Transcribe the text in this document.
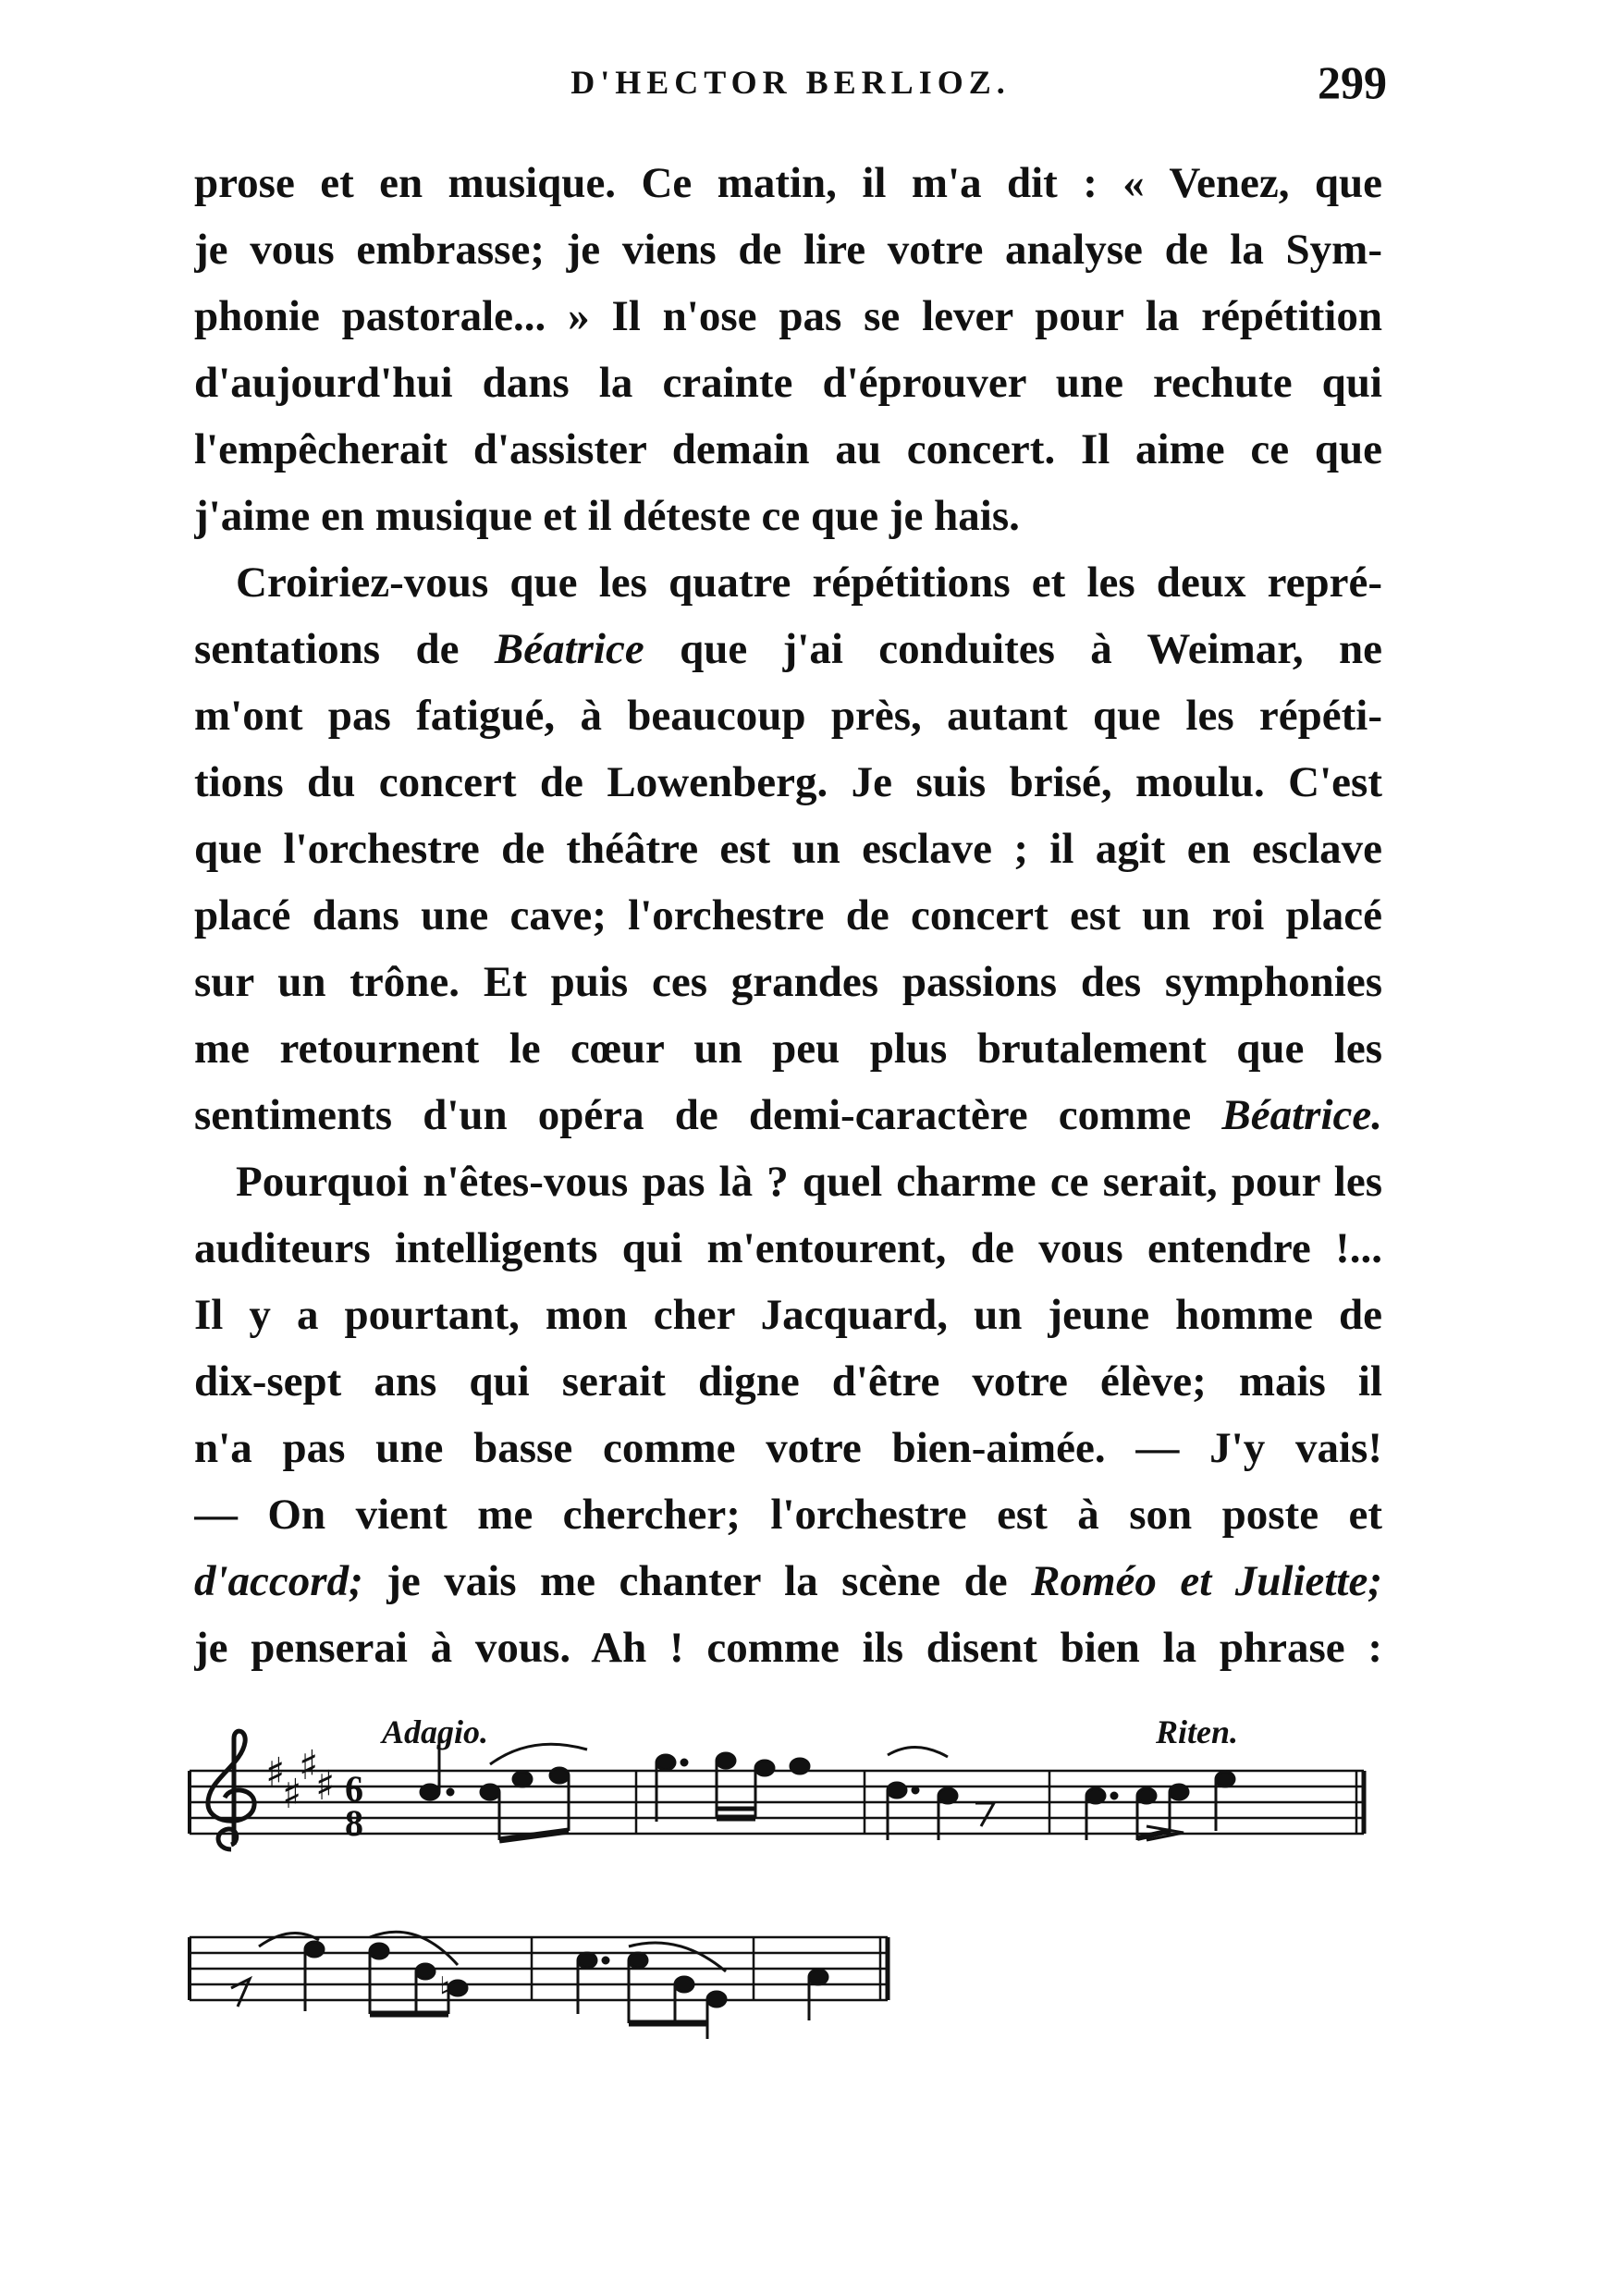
D'HECTOR BERLIOZ.	299
prose et en musique. Ce matin, il m'a dit : « Venez, que
je vous embrasse; je viens de lire votre analyse de la Sym-
phonie pastorale... » Il n'ose pas se lever pour la répétition
d'aujourd'hui dans la crainte d'éprouver une rechute qui
l'empêcherait d'assister demain au concert. Il aime ce que
j'aime en musique et il déteste ce que je hais.
Croiriez-vous que les quatre répétitions et les deux repré-
sentations de Béatrice que j'ai conduites à Weimar, ne
m'ont pas fatigué, à beaucoup près, autant que les répéti-
tions du concert de Lowenberg. Je suis brisé, moulu. C'est
que l'orchestre de théâtre est un esclave ; il agit en esclave
placé dans une cave; l'orchestre de concert est un roi placé
sur un trône. Et puis ces grandes passions des symphonies
me retournent le cœur un peu plus brutalement que les
sentiments d'un opéra de demi-caractère comme Béatrice.
Pourquoi n'êtes-vous pas là ? quel charme ce serait, pour les
auditeurs intelligents qui m'entourent, de vous entendre !...
Il y a pourtant, mon cher Jacquard, un jeune homme de
dix-sept ans qui serait digne d'être votre élève; mais il
n'a pas une basse comme votre bien-aimée. — J'y vais!
— On vient me chercher; l'orchestre est à son poste et
d'accord; je vais me chanter la scène de Roméo et Juliette;
je penserai à vous. Ah ! comme ils disent bien la phrase :
Adagio.	Riten.
♯
♯
♯
♯ 6
8
♮
